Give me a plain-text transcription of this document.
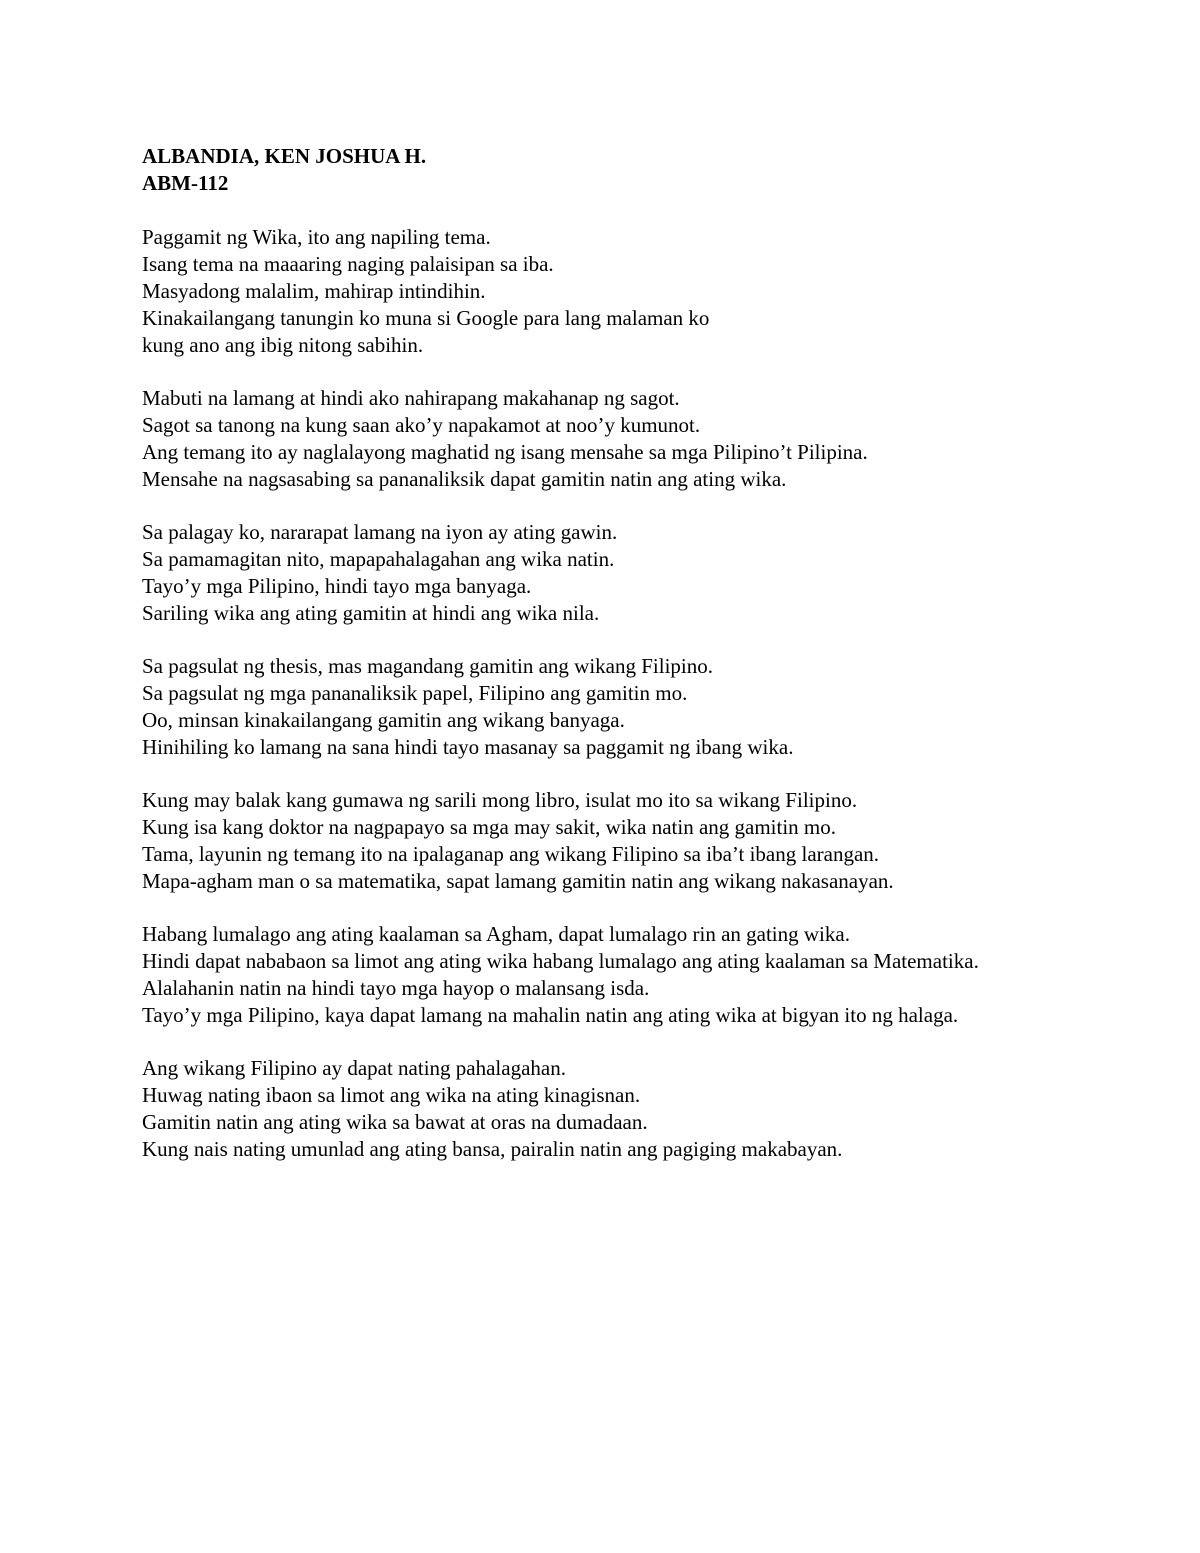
ALBANDIA, KEN JOSHUA H.
ABM-112
Paggamit ng Wika, ito ang napiling tema.
Isang tema na maaaring naging palaisipan sa iba.
Masyadong malalim, mahirap intindihin.
Kinakailangang tanungin ko muna si Google para lang malaman ko
kung ano ang ibig nitong sabihin.
Mabuti na lamang at hindi ako nahirapang makahanap ng sagot.
Sagot sa tanong na kung saan ako’y napakamot at noo’y kumunot.
Ang temang ito ay naglalayong maghatid ng isang mensahe sa mga Pilipino’t Pilipina.
Mensahe na nagsasabing sa pananaliksik dapat gamitin natin ang ating wika.
Sa palagay ko, nararapat lamang na iyon ay ating gawin.
Sa pamamagitan nito, mapapahalagahan ang wika natin.
Tayo’y mga Pilipino, hindi tayo mga banyaga.
Sariling wika ang ating gamitin at hindi ang wika nila.
Sa pagsulat ng thesis, mas magandang gamitin ang wikang Filipino.
Sa pagsulat ng mga pananaliksik papel, Filipino ang gamitin mo.
Oo, minsan kinakailangang gamitin ang wikang banyaga.
Hinihiling ko lamang na sana hindi tayo masanay sa paggamit ng ibang wika.
Kung may balak kang gumawa ng sarili mong libro, isulat mo ito sa wikang Filipino.
Kung isa kang doktor na nagpapayo sa mga may sakit, wika natin ang gamitin mo.
Tama, layunin ng temang ito na ipalaganap ang wikang Filipino sa iba’t ibang larangan.
Mapa-agham man o sa matematika, sapat lamang gamitin natin ang wikang nakasanayan.
Habang lumalago ang ating kaalaman sa Agham, dapat lumalago rin an gating wika.
Hindi dapat nababaon sa limot ang ating wika habang lumalago ang ating kaalaman sa Matematika.
Alalahanin natin na hindi tayo mga hayop o malansang isda.
Tayo’y mga Pilipino, kaya dapat lamang na mahalin natin ang ating wika at bigyan ito ng halaga.
Ang wikang Filipino ay dapat nating pahalagahan.
Huwag nating ibaon sa limot ang wika na ating kinagisnan.
Gamitin natin ang ating wika sa bawat at oras na dumadaan.
Kung nais nating umunlad ang ating bansa, pairalin natin ang pagiging makabayan.
